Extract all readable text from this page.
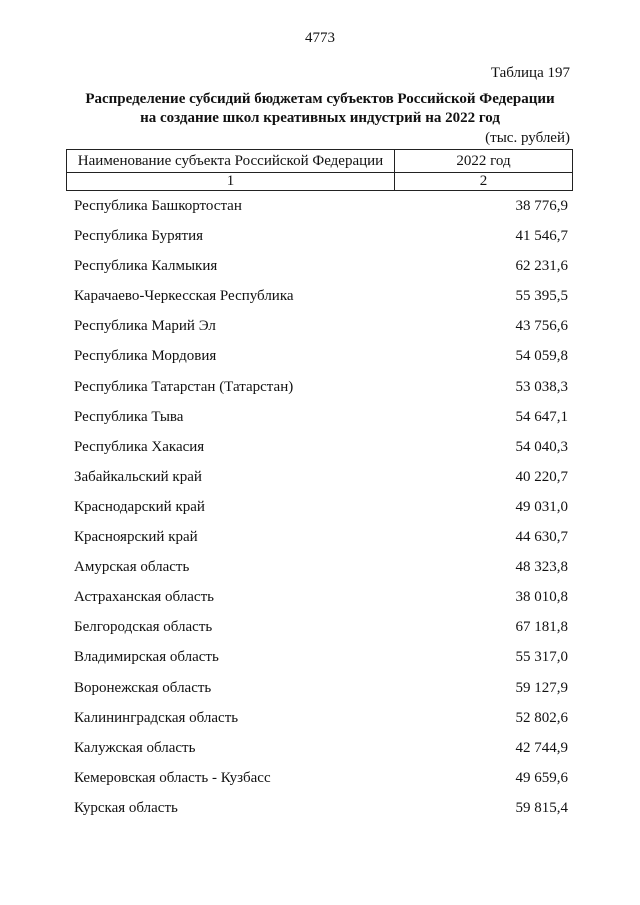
4773
Таблица 197
Распределение субсидий бюджетам субъектов Российской Федерации
на создание школ креативных индустрий на 2022 год
(тыс. рублей)
Наименование субъекта Российской Федерации	2022 год
1	2
Республика Башкортостан	38 776,9
Республика Бурятия	41 546,7
Республика Калмыкия	62 231,6
Карачаево-Черкесская Республика	55 395,5
Республика Марий Эл	43 756,6
Республика Мордовия	54 059,8
Республика Татарстан (Татарстан)	53 038,3
Республика Тыва	54 647,1
Республика Хакасия	54 040,3
Забайкальский край	40 220,7
Краснодарский край	49 031,0
Красноярский край	44 630,7
Амурская область	48 323,8
Астраханская область	38 010,8
Белгородская область	67 181,8
Владимирская область	55 317,0
Воронежская область	59 127,9
Калининградская область	52 802,6
Калужская область	42 744,9
Кемеровская область - Кузбасс	49 659,6
Курская область	59 815,4
